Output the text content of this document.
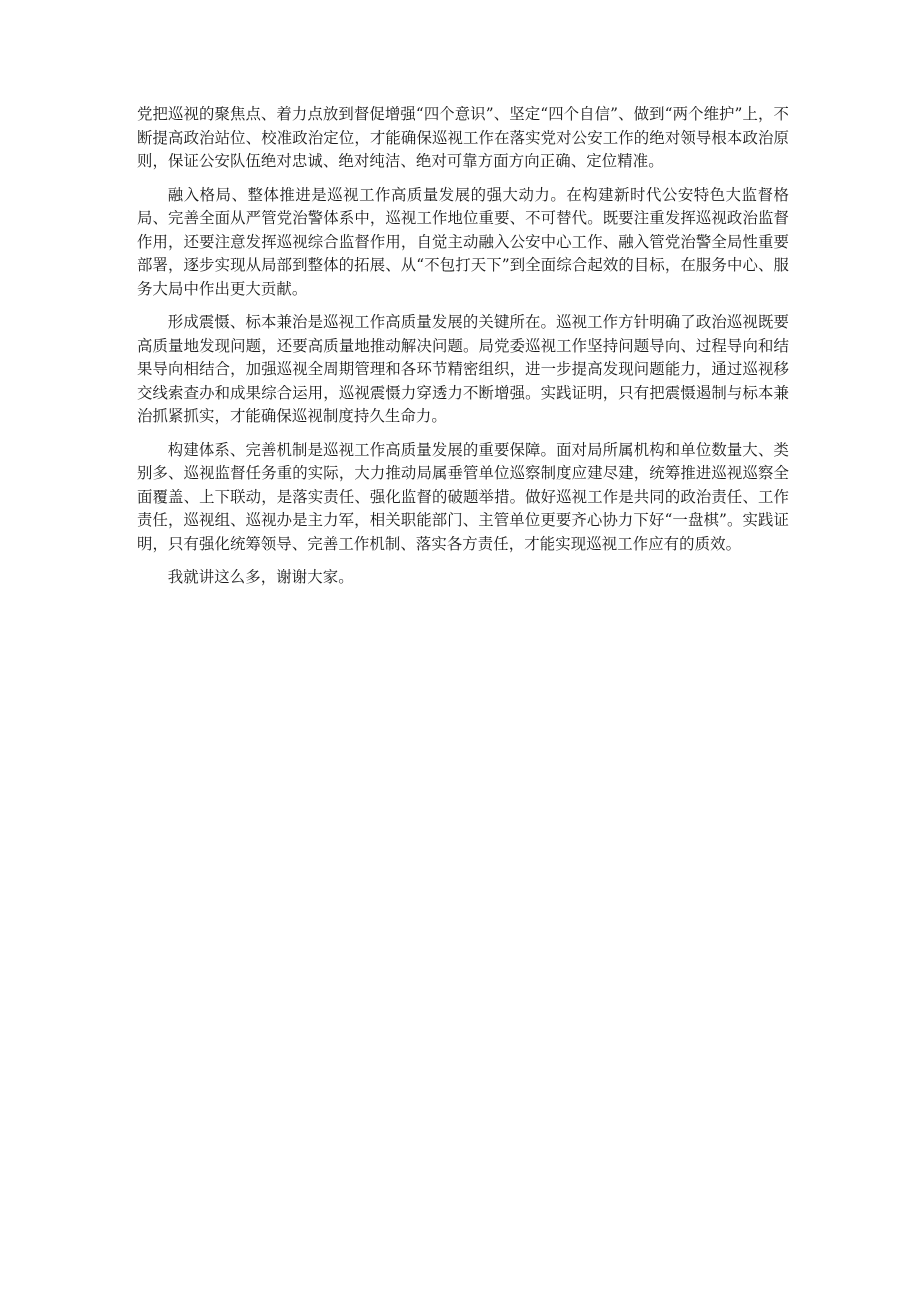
党把巡视的聚焦点、着力点放到督促增强“四个意识”、坚定“四个自信”、做到“两个维护”上，不断提高政治站位、校准政治定位，才能确保巡视工作在落实党对公安工作的绝对领导根本政治原则，保证公安队伍绝对忠诚、绝对纯洁、绝对可靠方面方向正确、定位精准。

融入格局、整体推进是巡视工作高质量发展的强大动力。在构建新时代公安特色大监督格局、完善全面从严管党治警体系中，巡视工作地位重要、不可替代。既要注重发挥巡视政治监督作用，还要注意发挥巡视综合监督作用，自觉主动融入公安中心工作、融入管党治警全局性重要部署，逐步实现从局部到整体的拓展、从“不包打天下”到全面综合起效的目标，在服务中心、服务大局中作出更大贡献。

形成震慑、标本兼治是巡视工作高质量发展的关键所在。巡视工作方针明确了政治巡视既要高质量地发现问题，还要高质量地推动解决问题。局党委巡视工作坚持问题导向、过程导向和结果导向相结合，加强巡视全周期管理和各环节精密组织，进一步提高发现问题能力，通过巡视移交线索查办和成果综合运用，巡视震慑力穿透力不断增强。实践证明，只有把震慑遏制与标本兼治抓紧抓实，才能确保巡视制度持久生命力。

构建体系、完善机制是巡视工作高质量发展的重要保障。面对局所属机构和单位数量大、类别多、巡视监督任务重的实际，大力推动局属垂管单位巡察制度应建尽建，统筹推进巡视巡察全面覆盖、上下联动，是落实责任、强化监督的破题举措。做好巡视工作是共同的政治责任、工作责任，巡视组、巡视办是主力军，相关职能部门、主管单位更要齐心协力下好“一盘棋”。实践证明，只有强化统筹领导、完善工作机制、落实各方责任，才能实现巡视工作应有的质效。

我就讲这么多，谢谢大家。
